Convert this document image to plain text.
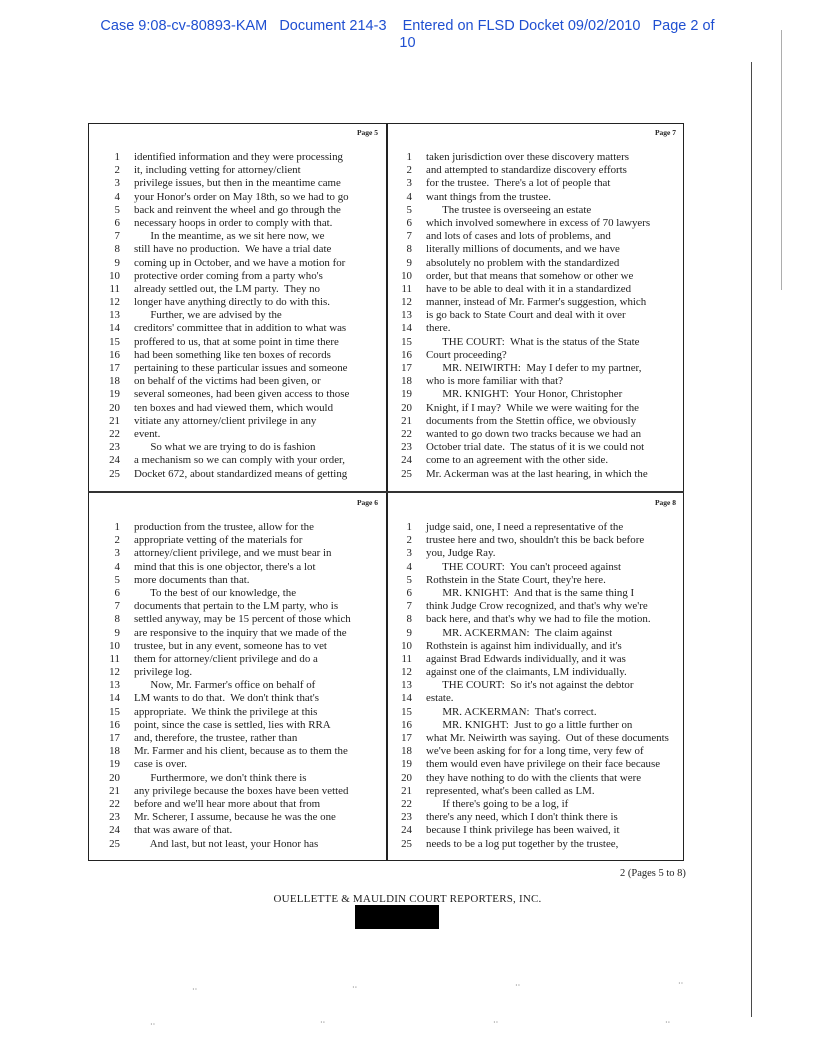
Case 9:08-cv-80893-KAM   Document 214-3    Entered on FLSD Docket 09/02/2010   Page 2 of
10
Page 5
1	identified information and they were processing
2	it, including vetting for attorney/client
3	privilege issues, but then in the meantime came
4	your Honor's order on May 18th, so we had to go
5	back and reinvent the wheel and go through the
6	necessary hoops in order to comply with that.
7	In the meantime, as we sit here now, we
8	still have no production.  We have a trial date
9	coming up in October, and we have a motion for
10	protective order coming from a party who's
11	already settled out, the LM party.  They no
12	longer have anything directly to do with this.
13	Further, we are advised by the
14	creditors' committee that in addition to what was
15	proffered to us, that at some point in time there
16	had been something like ten boxes of records
17	pertaining to these particular issues and someone
18	on behalf of the victims had been given, or
19	several someones, had been given access to those
20	ten boxes and had viewed them, which would
21	vitiate any attorney/client privilege in any
22	event.
23	So what we are trying to do is fashion
24	a mechanism so we can comply with your order,
25	Docket 672, about standardized means of getting
Page 7
1	taken jurisdiction over these discovery matters
2	and attempted to standardize discovery efforts
3	for the trustee.  There's a lot of people that
4	want things from the trustee.
5	The trustee is overseeing an estate
6	which involved somewhere in excess of 70 lawyers
7	and lots of cases and lots of problems, and
8	literally millions of documents, and we have
9	absolutely no problem with the standardized
10	order, but that means that somehow or other we
11	have to be able to deal with it in a standardized
12	manner, instead of Mr. Farmer's suggestion, which
13	is go back to State Court and deal with it over
14	there.
15	THE COURT:  What is the status of the State
16	Court proceeding?
17	MR. NEIWIRTH:  May I defer to my partner,
18	who is more familiar with that?
19	MR. KNIGHT:  Your Honor, Christopher
20	Knight, if I may?  While we were waiting for the
21	documents from the Stettin office, we obviously
22	wanted to go down two tracks because we had an
23	October trial date.  The status of it is we could not
24	come to an agreement with the other side.
25	Mr. Ackerman was at the last hearing, in which the
Page 6
1	production from the trustee, allow for the
2	appropriate vetting of the materials for
3	attorney/client privilege, and we must bear in
4	mind that this is one objector, there's a lot
5	more documents than that.
6	To the best of our knowledge, the
7	documents that pertain to the LM party, who is
8	settled anyway, may be 15 percent of those which
9	are responsive to the inquiry that we made of the
10	trustee, but in any event, someone has to vet
11	them for attorney/client privilege and do a
12	privilege log.
13	Now, Mr. Farmer's office on behalf of
14	LM wants to do that.  We don't think that's
15	appropriate.  We think the privilege at this
16	point, since the case is settled, lies with RRA
17	and, therefore, the trustee, rather than
18	Mr. Farmer and his client, because as to them the
19	case is over.
20	Furthermore, we don't think there is
21	any privilege because the boxes have been vetted
22	before and we'll hear more about that from
23	Mr. Scherer, I assume, because he was the one
24	that was aware of that.
25	And last, but not least, your Honor has
Page 8
1	judge said, one, I need a representative of the
2	trustee here and two, shouldn't this be back before
3	you, Judge Ray.
4	THE COURT:  You can't proceed against
5	Rothstein in the State Court, they're here.
6	MR. KNIGHT:  And that is the same thing I
7	think Judge Crow recognized, and that's why we're
8	back here, and that's why we had to file the motion.
9	MR. ACKERMAN:  The claim against
10	Rothstein is against him individually, and it's
11	against Brad Edwards individually, and it was
12	against one of the claimants, LM individually.
13	THE COURT:  So it's not against the debtor
14	estate.
15	MR. ACKERMAN:  That's correct.
16	MR. KNIGHT:  Just to go a little further on
17	what Mr. Neiwirth was saying.  Out of these documents
18	we've been asking for for a long time, very few of
19	them would even have privilege on their face because
20	they have nothing to do with the clients that were
21	represented, what's been called as LM.
22	If there's going to be a log, if
23	there's any need, which I don't think there is
24	because I think privilege has been waived, it
25	needs to be a log put together by the trustee,
2 (Pages 5 to 8)
OUELLETTE & MAULDIN COURT REPORTERS, INC.
··	·‧	··	··
··	·‧	··	·‧
